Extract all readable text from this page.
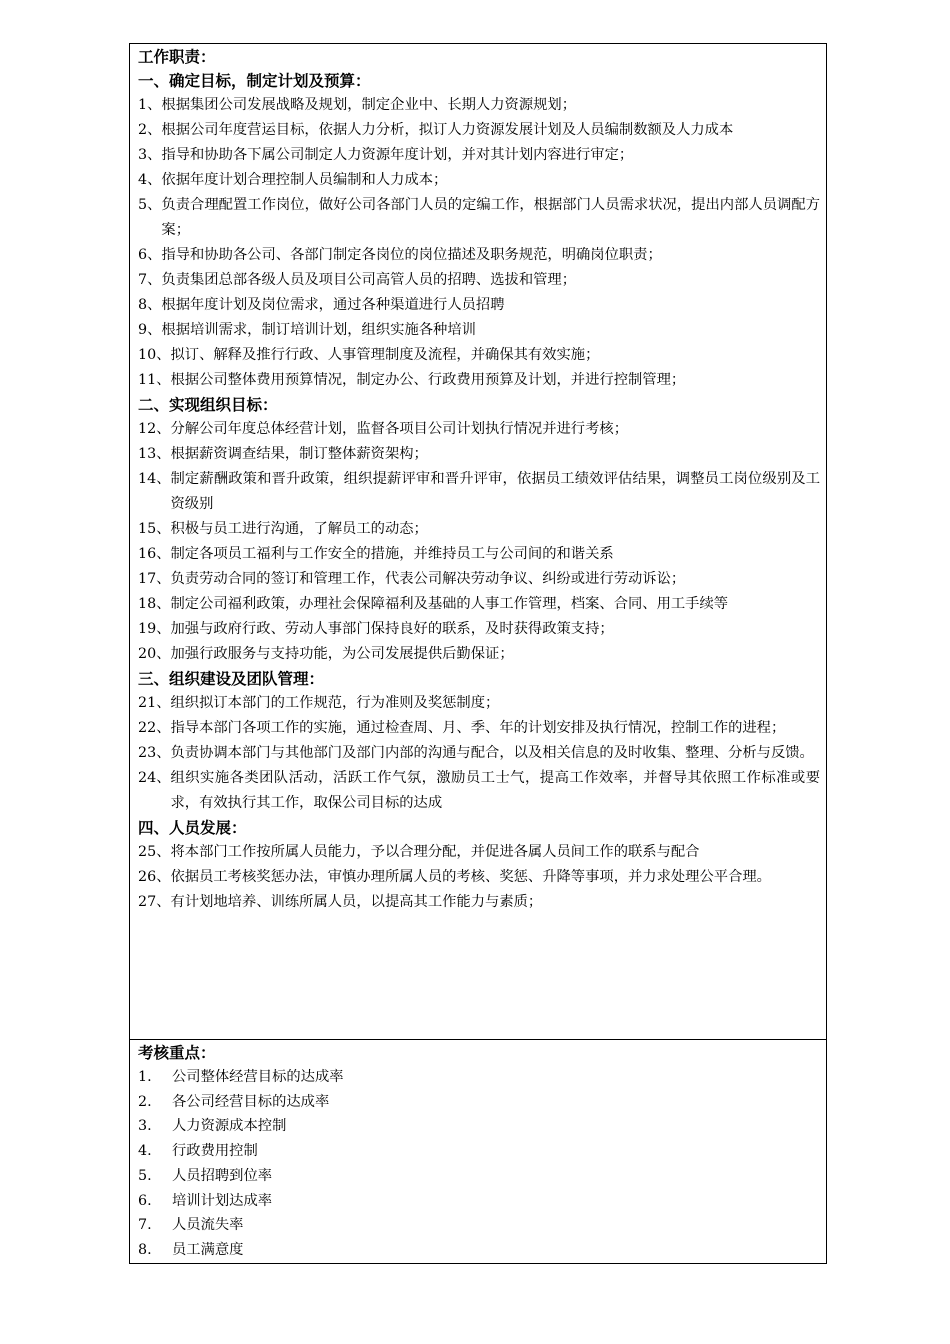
工作职责：
一、确定目标，制定计划及预算：
1、 根据集团公司发展战略及规划，制定企业中、长期人力资源规划；
2、 根据公司年度营运目标，依据人力分析，拟订人力资源发展计划及人员编制数额及人力成本
3、 指导和协助各下属公司制定人力资源年度计划，并对其计划内容进行审定；
4、 依据年度计划合理控制人员编制和人力成本；
5、 负责合理配置工作岗位，做好公司各部门人员的定编工作，根据部门人员需求状况，提出内部人员调配方案；
6、 指导和协助各公司、各部门制定各岗位的岗位描述及职务规范，明确岗位职责；
7、 负责集团总部各级人员及项目公司高管人员的招聘、选拔和管理；
8、 根据年度计划及岗位需求，通过各种渠道进行人员招聘
9、 根据培训需求，制订培训计划，组织实施各种培训
10、 拟订、解释及推行行政、人事管理制度及流程，并确保其有效实施；
11、 根据公司整体费用预算情况，制定办公、行政费用预算及计划，并进行控制管理；
二、实现组织目标：
12、 分解公司年度总体经营计划，监督各项目公司计划执行情况并进行考核；
13、 根据薪资调查结果，制订整体薪资架构；
14、 制定薪酬政策和晋升政策，组织提薪评审和晋升评审，依据员工绩效评估结果，调整员工岗位级别及工资级别
15、 积极与员工进行沟通，了解员工的动态；
16、 制定各项员工福利与工作安全的措施，并维持员工与公司间的和谐关系
17、 负责劳动合同的签订和管理工作，代表公司解决劳动争议、纠纷或进行劳动诉讼；
18、 制定公司福利政策，办理社会保障福利及基础的人事工作管理，档案、合同、用工手续等
19、 加强与政府行政、劳动人事部门保持良好的联系，及时获得政策支持；
20、 加强行政服务与支持功能，为公司发展提供后勤保证；
三、组织建设及团队管理：
21、 组织拟订本部门的工作规范，行为准则及奖惩制度；
22、 指导本部门各项工作的实施，通过检查周、月、季、年的计划安排及执行情况，控制工作的进程；
23、 负责协调本部门与其他部门及部门内部的沟通与配合，以及相关信息的及时收集、整理、分析与反馈。
24、 组织实施各类团队活动，活跃工作气氛，激励员工士气，提高工作效率，并督导其依照工作标准或要求，有效执行其工作，取保公司目标的达成
四、人员发展：
25、 将本部门工作按所属人员能力，予以合理分配，并促进各属人员间工作的联系与配合
26、 依据员工考核奖惩办法，审慎办理所属人员的考核、奖惩、升降等事项，并力求处理公平合理。
27、 有计划地培养、训练所属人员，以提高其工作能力与素质；
考核重点：
1.	公司整体经营目标的达成率
2.	各公司经营目标的达成率
3.	人力资源成本控制
4.	行政费用控制
5.	人员招聘到位率
6.	培训计划达成率
7.	人员流失率
8.	员工满意度
